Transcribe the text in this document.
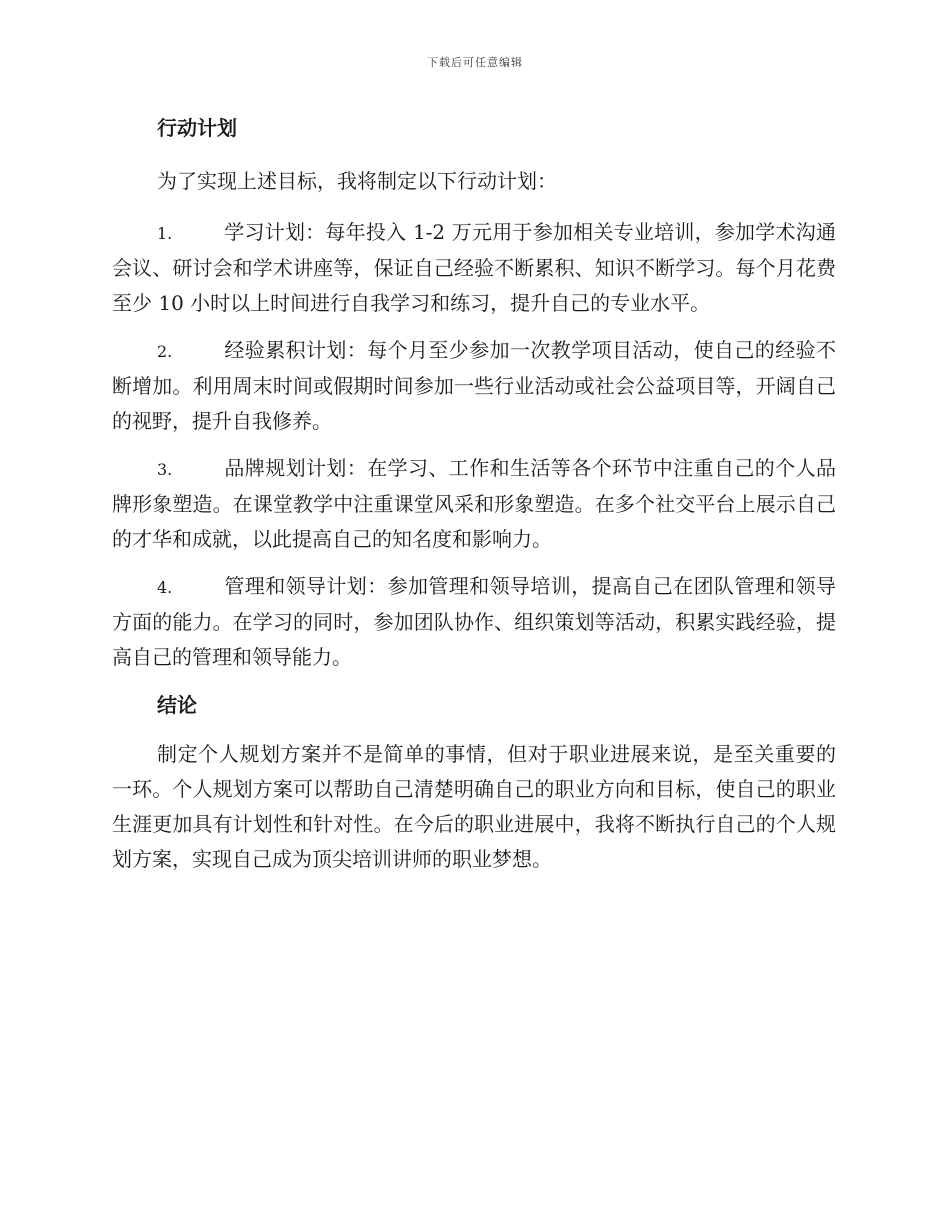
下载后可任意编辑
行动计划

为了实现上述目标，我将制定以下行动计划：

1.	学习计划：每年投入 1-2 万元用于参加相关专业培训，参加学术沟通会议、研讨会和学术讲座等，保证自己经验不断累积、知识不断学习。每个月花费至少 10 小时以上时间进行自我学习和练习，提升自己的专业水平。

2.	经验累积计划：每个月至少参加一次教学项目活动，使自己的经验不断增加。利用周末时间或假期时间参加一些行业活动或社会公益项目等，开阔自己的视野，提升自我修养。

3.	品牌规划计划：在学习、工作和生活等各个环节中注重自己的个人品牌形象塑造。在课堂教学中注重课堂风采和形象塑造。在多个社交平台上展示自己的才华和成就，以此提高自己的知名度和影响力。

4.	管理和领导计划：参加管理和领导培训，提高自己在团队管理和领导方面的能力。在学习的同时，参加团队协作、组织策划等活动，积累实践经验，提高自己的管理和领导能力。

结论

制定个人规划方案并不是简单的事情，但对于职业进展来说，是至关重要的一环。个人规划方案可以帮助自己清楚明确自己的职业方向和目标，使自己的职业生涯更加具有计划性和针对性。在今后的职业进展中，我将不断执行自己的个人规划方案，实现自己成为顶尖培训讲师的职业梦想。
